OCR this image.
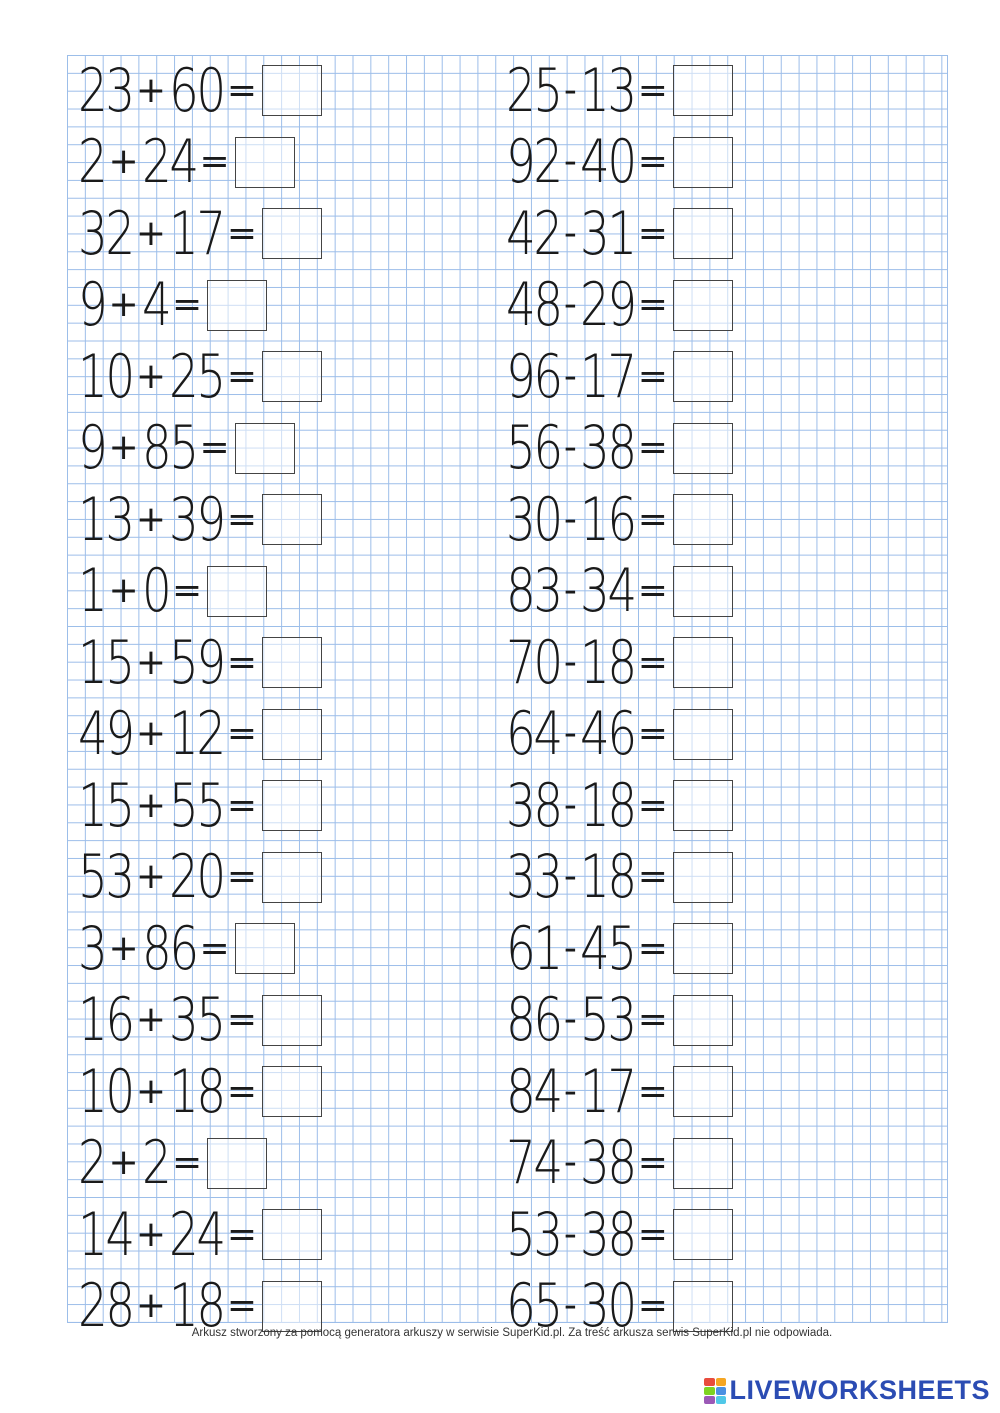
23 + 60 =
2 + 24 =
32 + 17 =
9 + 4 =
10 + 25 =
9 + 85 =
13 + 39 =
1 + 0 =
15 + 59 =
49 + 12 =
15 + 55 =
53 + 20 =
3 + 86 =
16 + 35 =
10 + 18 =
2 + 2 =
14 + 24 =
28 + 18 =
25 - 13 =
92 - 40 =
42 - 31 =
48 - 29 =
96 - 17 =
56 - 38 =
30 - 16 =
83 - 34 =
70 - 18 =
64 - 46 =
38 - 18 =
33 - 18 =
61 - 45 =
86 - 53 =
84 - 17 =
74 - 38 =
53 - 38 =
65 - 30 =
Arkusz stworzony za pomocą generatora arkuszy w serwisie SuperKid.pl. Za treść arkusza serwis SuperKid.pl nie odpowiada.
LIVEWORKSHEETS
